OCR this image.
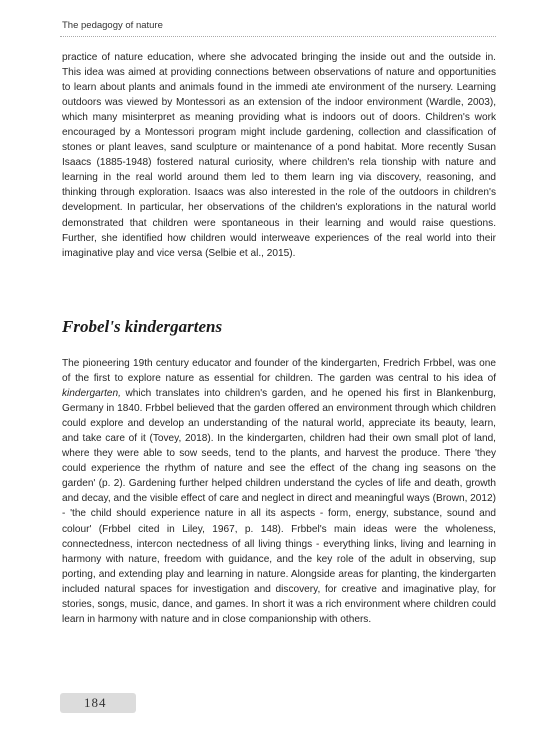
The pedagogy of nature

practice of nature education, where she advocated bringing the inside out and the outside in. This idea was aimed at providing connections between observations of nature and opportunities to learn about plants and animals found in the immedi ate environment of the nursery. Learning outdoors was viewed by Montessori as an extension of the indoor environment (Wardle, 2003), which many misinterpret as meaning providing what is indoors out of doors. Children's work encouraged by a Montessori program might include gardening, collection and classification of stones or plant leaves, sand sculpture or maintenance of a pond habitat. More recently Susan Isaacs (1885-1948) fostered natural curiosity, where children's rela tionship with nature and learning in the real world around them led to them learn ing via discovery, reasoning, and thinking through exploration. Isaacs was also interested in the role of the outdoors in children's development. In particular, her observations of the children's explorations in the natural world demonstrated that children were spontaneous in their learning and would raise questions. Further, she identified how children would interweave experiences of the real world into their imaginative play and vice versa (Selbie et al., 2015).

Frobel's kindergartens

The pioneering 19th century educator and founder of the kindergarten, Fredrich Frbbel, was one of the first to explore nature as essential for children. The garden was central to his idea of kindergarten, which translates into children's garden, and he opened his first in Blankenburg, Germany in 1840. Frbbel believed that the garden offered an environment through which children could explore and develop an understanding of the natural world, appreciate its beauty, learn, and take care of it (Tovey, 2018). In the kindergarten, children had their own small plot of land, where they were able to sow seeds, tend to the plants, and harvest the produce. There 'they could experience the rhythm of nature and see the effect of the chang ing seasons on the garden' (p. 2). Gardening further helped children understand the cycles of life and death, growth and decay, and the visible effect of care and neglect in direct and meaningful ways (Brown, 2012) - 'the child should experience nature in all its aspects - form, energy, substance, sound and colour' (Frbbel cited in Liley, 1967, p. 148). Frbbel's main ideas were the wholeness, connectedness, intercon nectedness of all living things - everything links, living and learning in harmony with nature, freedom with guidance, and the key role of the adult in observing, sup porting, and extending play and learning in nature. Alongside areas for planting, the kindergarten included natural spaces for investigation and discovery, for creative and imaginative play, for stories, songs, music, dance, and games. In short it was a rich environment where children could learn in harmony with nature and in close companionship with others.

184
